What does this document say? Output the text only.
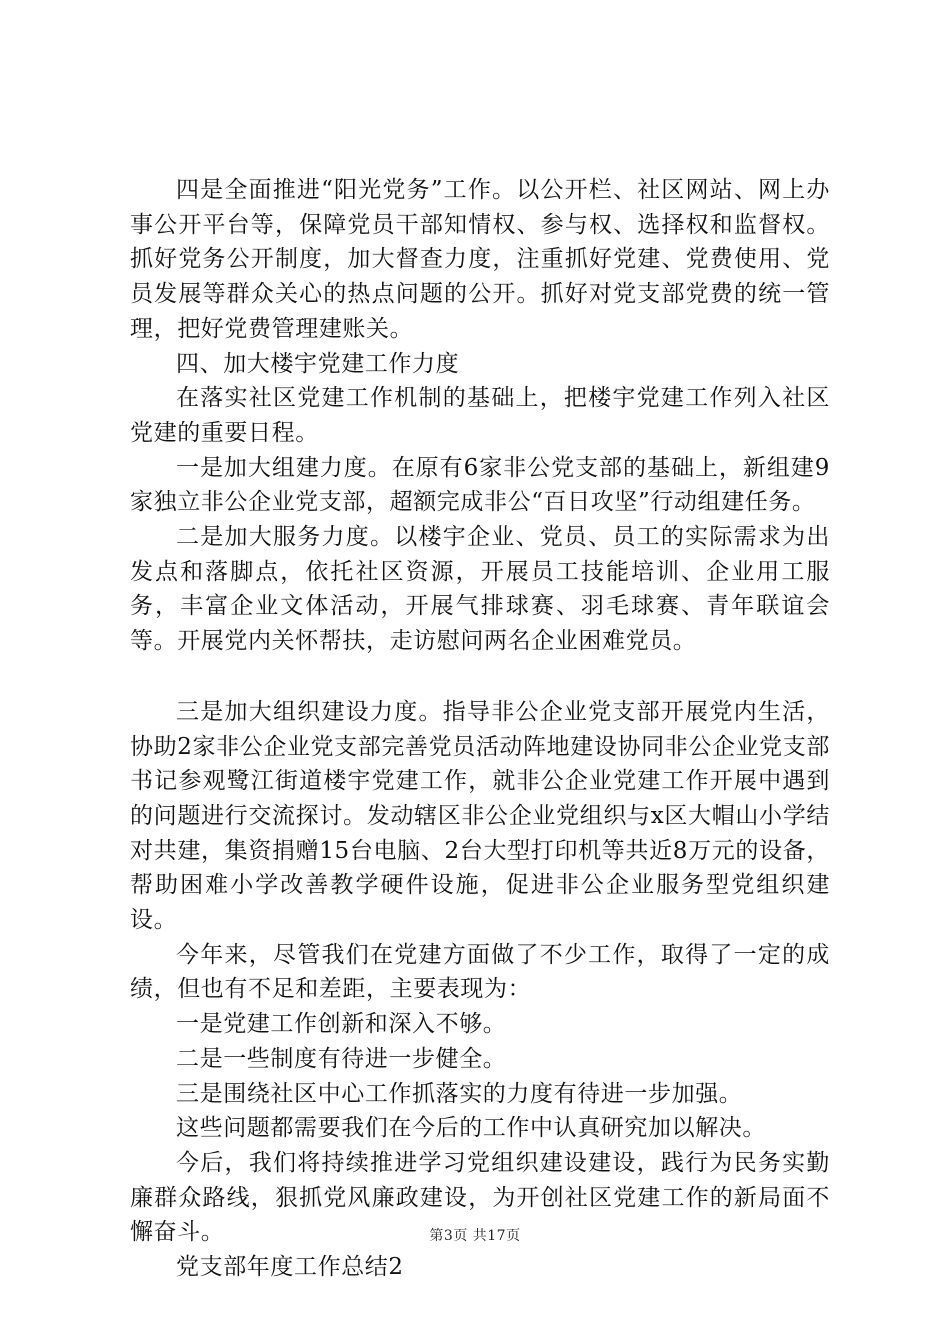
四是全面推进“阳光党务”工作。以公开栏、社区网站、网上办事公开平台等，保障党员干部知情权、参与权、选择权和监督权。抓好党务公开制度，加大督查力度，注重抓好党建、党费使用、党员发展等群众关心的热点问题的公开。抓好对党支部党费的统一管理，把好党费管理建账关。

四、加大楼宇党建工作力度

在落实社区党建工作机制的基础上，把楼宇党建工作列入社区党建的重要日程。

一是加大组建力度。在原有6家非公党支部的基础上，新组建9家独立非公企业党支部，超额完成非公“百日攻坚”行动组建任务。

二是加大服务力度。以楼宇企业、党员、员工的实际需求为出发点和落脚点，依托社区资源，开展员工技能培训、企业用工服务，丰富企业文体活动，开展气排球赛、羽毛球赛、青年联谊会等。开展党内关怀帮扶，走访慰问两名企业困难党员。

三是加大组织建设力度。指导非公企业党支部开展党内生活，协助2家非公企业党支部完善党员活动阵地建设协同非公企业党支部书记参观鹭江街道楼宇党建工作，就非公企业党建工作开展中遇到的问题进行交流探讨。发动辖区非公企业党组织与x区大帽山小学结对共建，集资捐赠15台电脑、2台大型打印机等共近8万元的设备，帮助困难小学改善教学硬件设施，促进非公企业服务型党组织建设。

今年来，尽管我们在党建方面做了不少工作，取得了一定的成绩，但也有不足和差距，主要表现为：

一是党建工作创新和深入不够。

二是一些制度有待进一步健全。

三是围绕社区中心工作抓落实的力度有待进一步加强。

这些问题都需要我们在今后的工作中认真研究加以解决。

今后，我们将持续推进学习党组织建设建设，践行为民务实勤廉群众路线，狠抓党风廉政建设，为开创社区党建工作的新局面不懈奋斗。

党支部年度工作总结2

第3页 共17页
